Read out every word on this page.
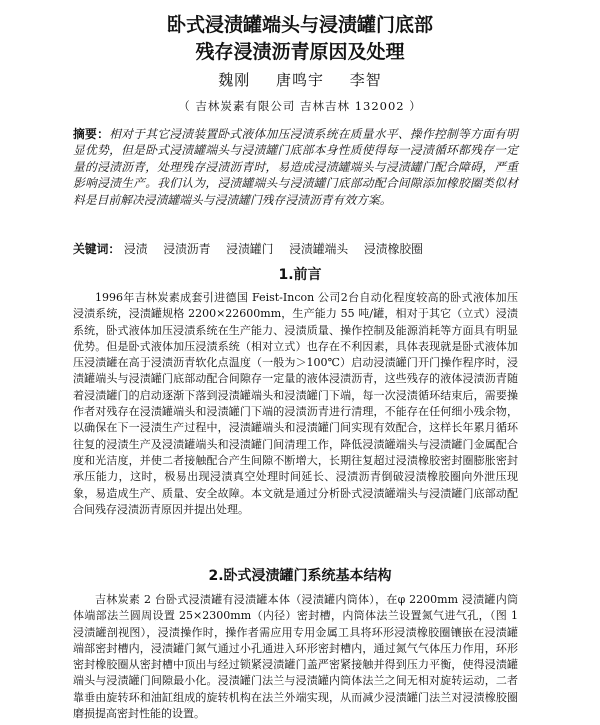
卧式浸渍罐端头与浸渍罐门底部
残存浸渍沥青原因及处理
魏刚 唐鸣宇 李智
（ 吉林炭素有限公司 吉林吉林 132002 ）
摘要：相对于其它浸渍装置卧式液体加压浸渍系统在质量水平、操作控制等方面有明显优势，但是卧式浸渍罐端头与浸渍罐门底部本身性质使得每一浸渍循环都残存一定量的浸渍沥青，处理残存浸渍沥青时，易造成浸渍罐端头与浸渍罐门配合障碍，严重影响浸渍生产。我们认为，浸渍罐端头与浸渍罐门底部动配合间隙添加橡胶圈类似材料是目前解决浸渍罐端头与浸渍罐门残存浸渍沥青有效方案。
关键词： 浸渍 浸渍沥青 浸渍罐门 浸渍罐端头 浸渍橡胶圈
1.前言
1996年吉林炭素成套引进德国 Feist-Incon 公司2台自动化程度较高的卧式液体加压浸渍系统，浸渍罐规格 2200×22600mm，生产能力 55 吨/罐，相对于其它（立式）浸渍系统，卧式液体加压浸渍系统在生产能力、浸渍质量、操作控制及能源消耗等方面具有明显优势。但是卧式液体加压浸渍系统（相对立式）也存在不利因素，具体表现就是卧式液体加压浸渍罐在高于浸渍沥青软化点温度（一般为＞100℃）启动浸渍罐门开门操作程序时，浸渍罐端头与浸渍罐门底部动配合间隙存一定量的液体浸渍沥青，这些残存的液体浸渍沥青随着浸渍罐门的启动逐渐下落到浸渍罐端头和浸渍罐门下端，每一次浸渍循环结束后，需要操作者对残存在浸渍罐端头和浸渍罐门下端的浸渍沥青进行清理，不能存在任何细小残余物，以确保在下一浸渍生产过程中，浸渍罐端头和浸渍罐门间实现有效配合，这样长年累月循环往复的浸渍生产及浸渍罐端头和浸渍罐门间清理工作，降低浸渍罐端头与浸渍罐门金属配合度和光洁度，并使二者接触配合产生间隙不断增大，长期往复超过浸渍橡胶密封圈膨胀密封承压能力，这时，极易出现浸渍真空处理时间延长、浸渍沥青倒破浸渍橡胶圈向外泄压现象，易造成生产、质量、安全故障。本文就是通过分析卧式浸渍罐端头与浸渍罐门底部动配合间残存浸渍沥青原因并提出处理。
2.卧式浸渍罐门系统基本结构
吉林炭素 2 台卧式浸渍罐有浸渍罐本体（浸渍罐内筒体），在φ 2200mm 浸渍罐内筒体端部法兰圆周设置 25×2300mm（内径）密封槽，内筒体法兰设置氮气进气孔，（图 1 浸渍罐剖视图），浸渍操作时，操作者需应用专用金属工具将环形浸渍橡胶圈镶嵌在浸渍罐端部密封槽内，浸渍罐门氮气通过小孔通进入环形密封槽内，通过氮气气体压力作用，环形密封橡胶圈从密封槽中顶出与经过锁紧浸渍罐门盖严密紧接触并得到压力平衡，使得浸渍罐端头与浸渍罐门间隙最小化。浸渍罐门法兰与浸渍罐内筒体法兰之间无相对旋转运动，二者靠垂由旋转环和油缸组成的旋转机构在法兰外端实现，从而减少浸渍罐门法兰对浸渍橡胶圈磨损提高密封性能的设置。
